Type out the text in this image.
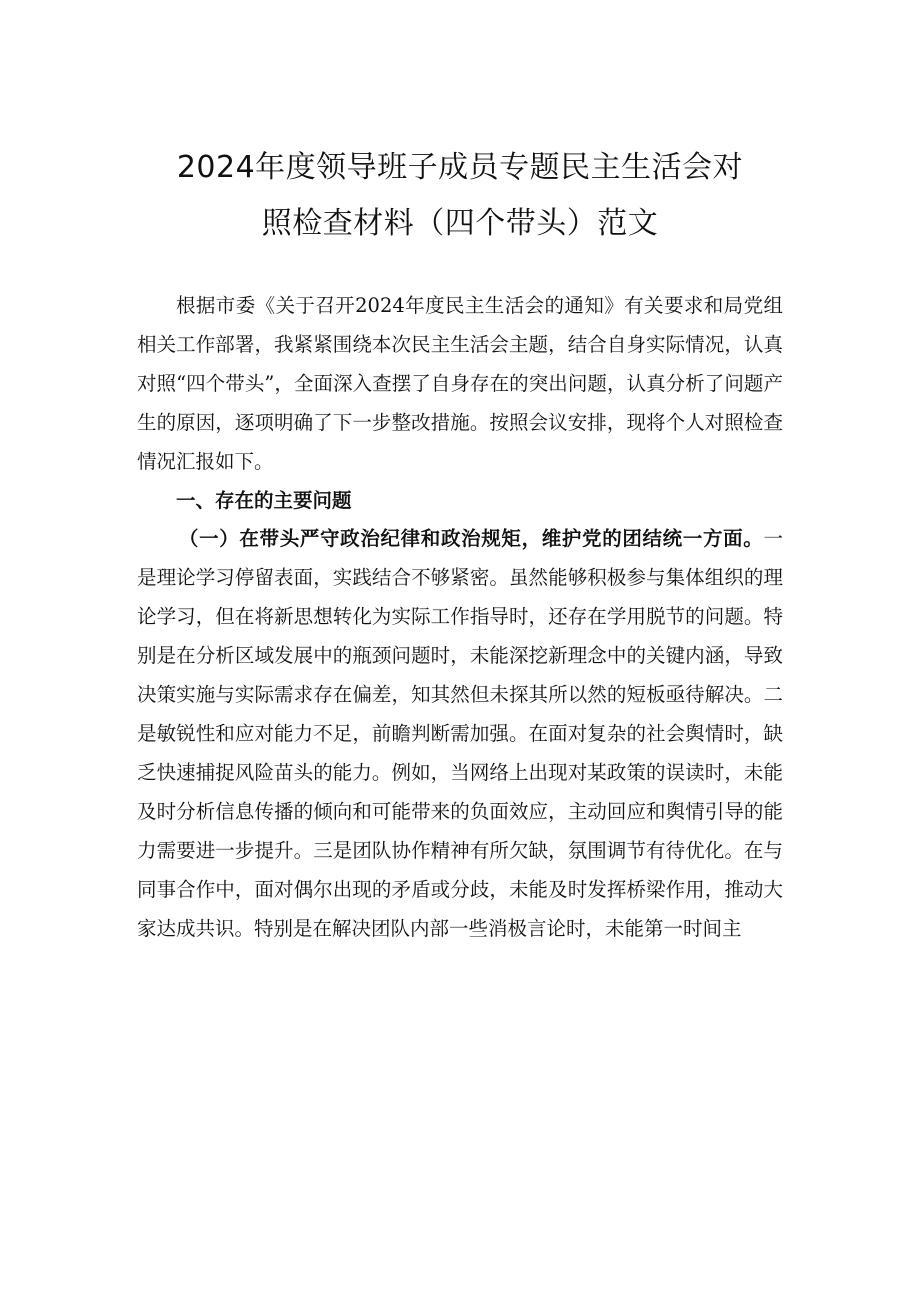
2024年度领导班子成员专题民主生活会对
照检查材料（四个带头）范文

根据市委《关于召开2024年度民主生活会的通知》有关要求和局党组相关工作部署，我紧紧围绕本次民主生活会主题，结合自身实际情况，认真对照“四个带头”，全面深入查摆了自身存在的突出问题，认真分析了问题产生的原因，逐项明确了下一步整改措施。按照会议安排，现将个人对照检查情况汇报如下。

一、存在的主要问题

（一）在带头严守政治纪律和政治规矩，维护党的团结统一方面。一是理论学习停留表面，实践结合不够紧密。虽然能够积极参与集体组织的理论学习，但在将新思想转化为实际工作指导时，还存在学用脱节的问题。特别是在分析区域发展中的瓶颈问题时，未能深挖新理念中的关键内涵，导致决策实施与实际需求存在偏差，知其然但未探其所以然的短板亟待解决。二是敏锐性和应对能力不足，前瞻判断需加强。在面对复杂的社会舆情时，缺乏快速捕捉风险苗头的能力。例如，当网络上出现对某政策的误读时，未能及时分析信息传播的倾向和可能带来的负面效应，主动回应和舆情引导的能力需要进一步提升。三是团队协作精神有所欠缺，氛围调节有待优化。在与同事合作中，面对偶尔出现的矛盾或分歧，未能及时发挥桥梁作用，推动大家达成共识。特别是在解决团队内部一些消极言论时，未能第一时间主
